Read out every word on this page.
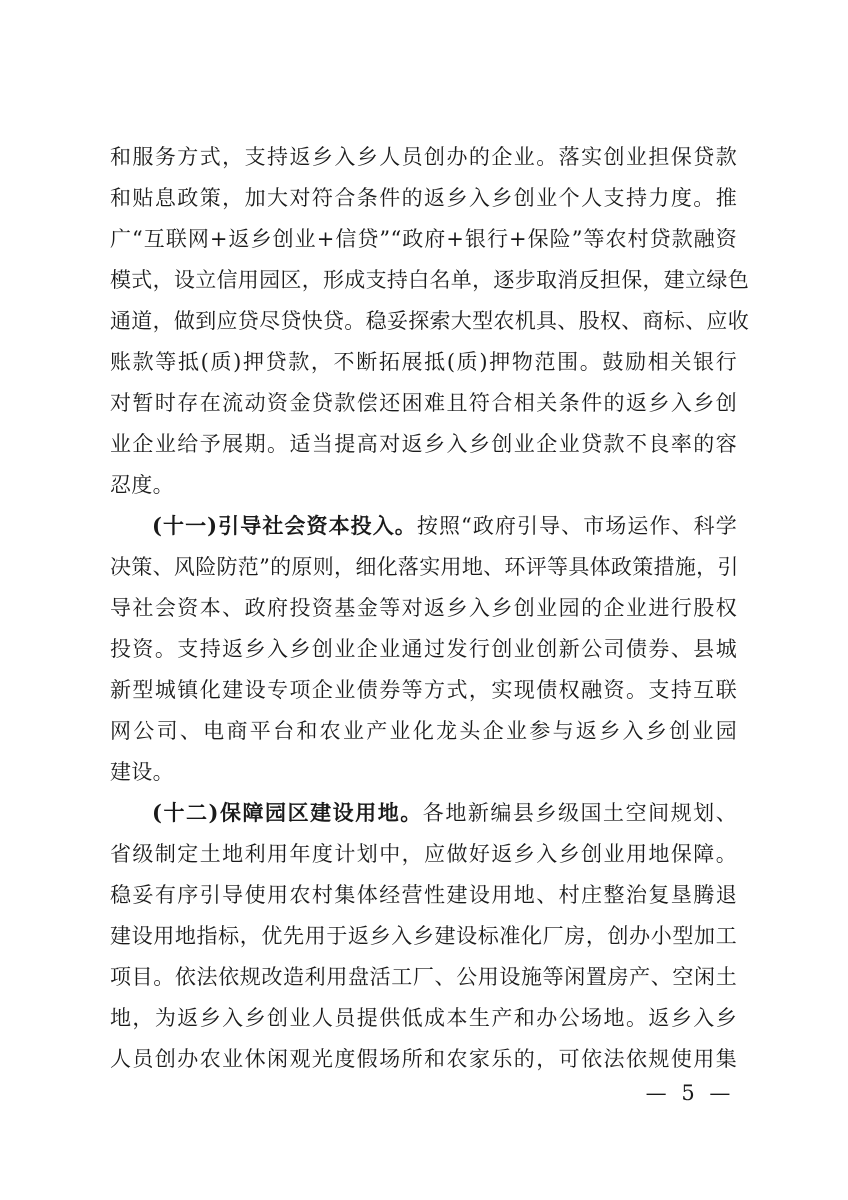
和服务方式，支持返乡入乡人员创办的企业。落实创业担保贷款
和贴息政策，加大对符合条件的返乡入乡创业个人支持力度。推
广“互联网+返乡创业+信贷”“政府+银行+保险”等农村贷款融资
模式，设立信用园区，形成支持白名单，逐步取消反担保，建立绿色
通道，做到应贷尽贷快贷。稳妥探索大型农机具、股权、商标、应收
账款等抵(质)押贷款，不断拓展抵(质)押物范围。鼓励相关银行
对暂时存在流动资金贷款偿还困难且符合相关条件的返乡入乡创
业企业给予展期。适当提高对返乡入乡创业企业贷款不良率的容
忍度。
(十一)引导社会资本投入。按照“政府引导、市场运作、科学
决策、风险防范”的原则，细化落实用地、环评等具体政策措施，引
导社会资本、政府投资基金等对返乡入乡创业园的企业进行股权
投资。支持返乡入乡创业企业通过发行创业创新公司债券、县城
新型城镇化建设专项企业债券等方式，实现债权融资。支持互联
网公司、电商平台和农业产业化龙头企业参与返乡入乡创业园
建设。
(十二)保障园区建设用地。各地新编县乡级国土空间规划、
省级制定土地利用年度计划中，应做好返乡入乡创业用地保障。
稳妥有序引导使用农村集体经营性建设用地、村庄整治复垦腾退
建设用地指标，优先用于返乡入乡建设标准化厂房，创办小型加工
项目。依法依规改造利用盘活工厂、公用设施等闲置房产、空闲土
地，为返乡入乡创业人员提供低成本生产和办公场地。返乡入乡
人员创办农业休闲观光度假场所和农家乐的，可依法依规使用集
— 5 —
